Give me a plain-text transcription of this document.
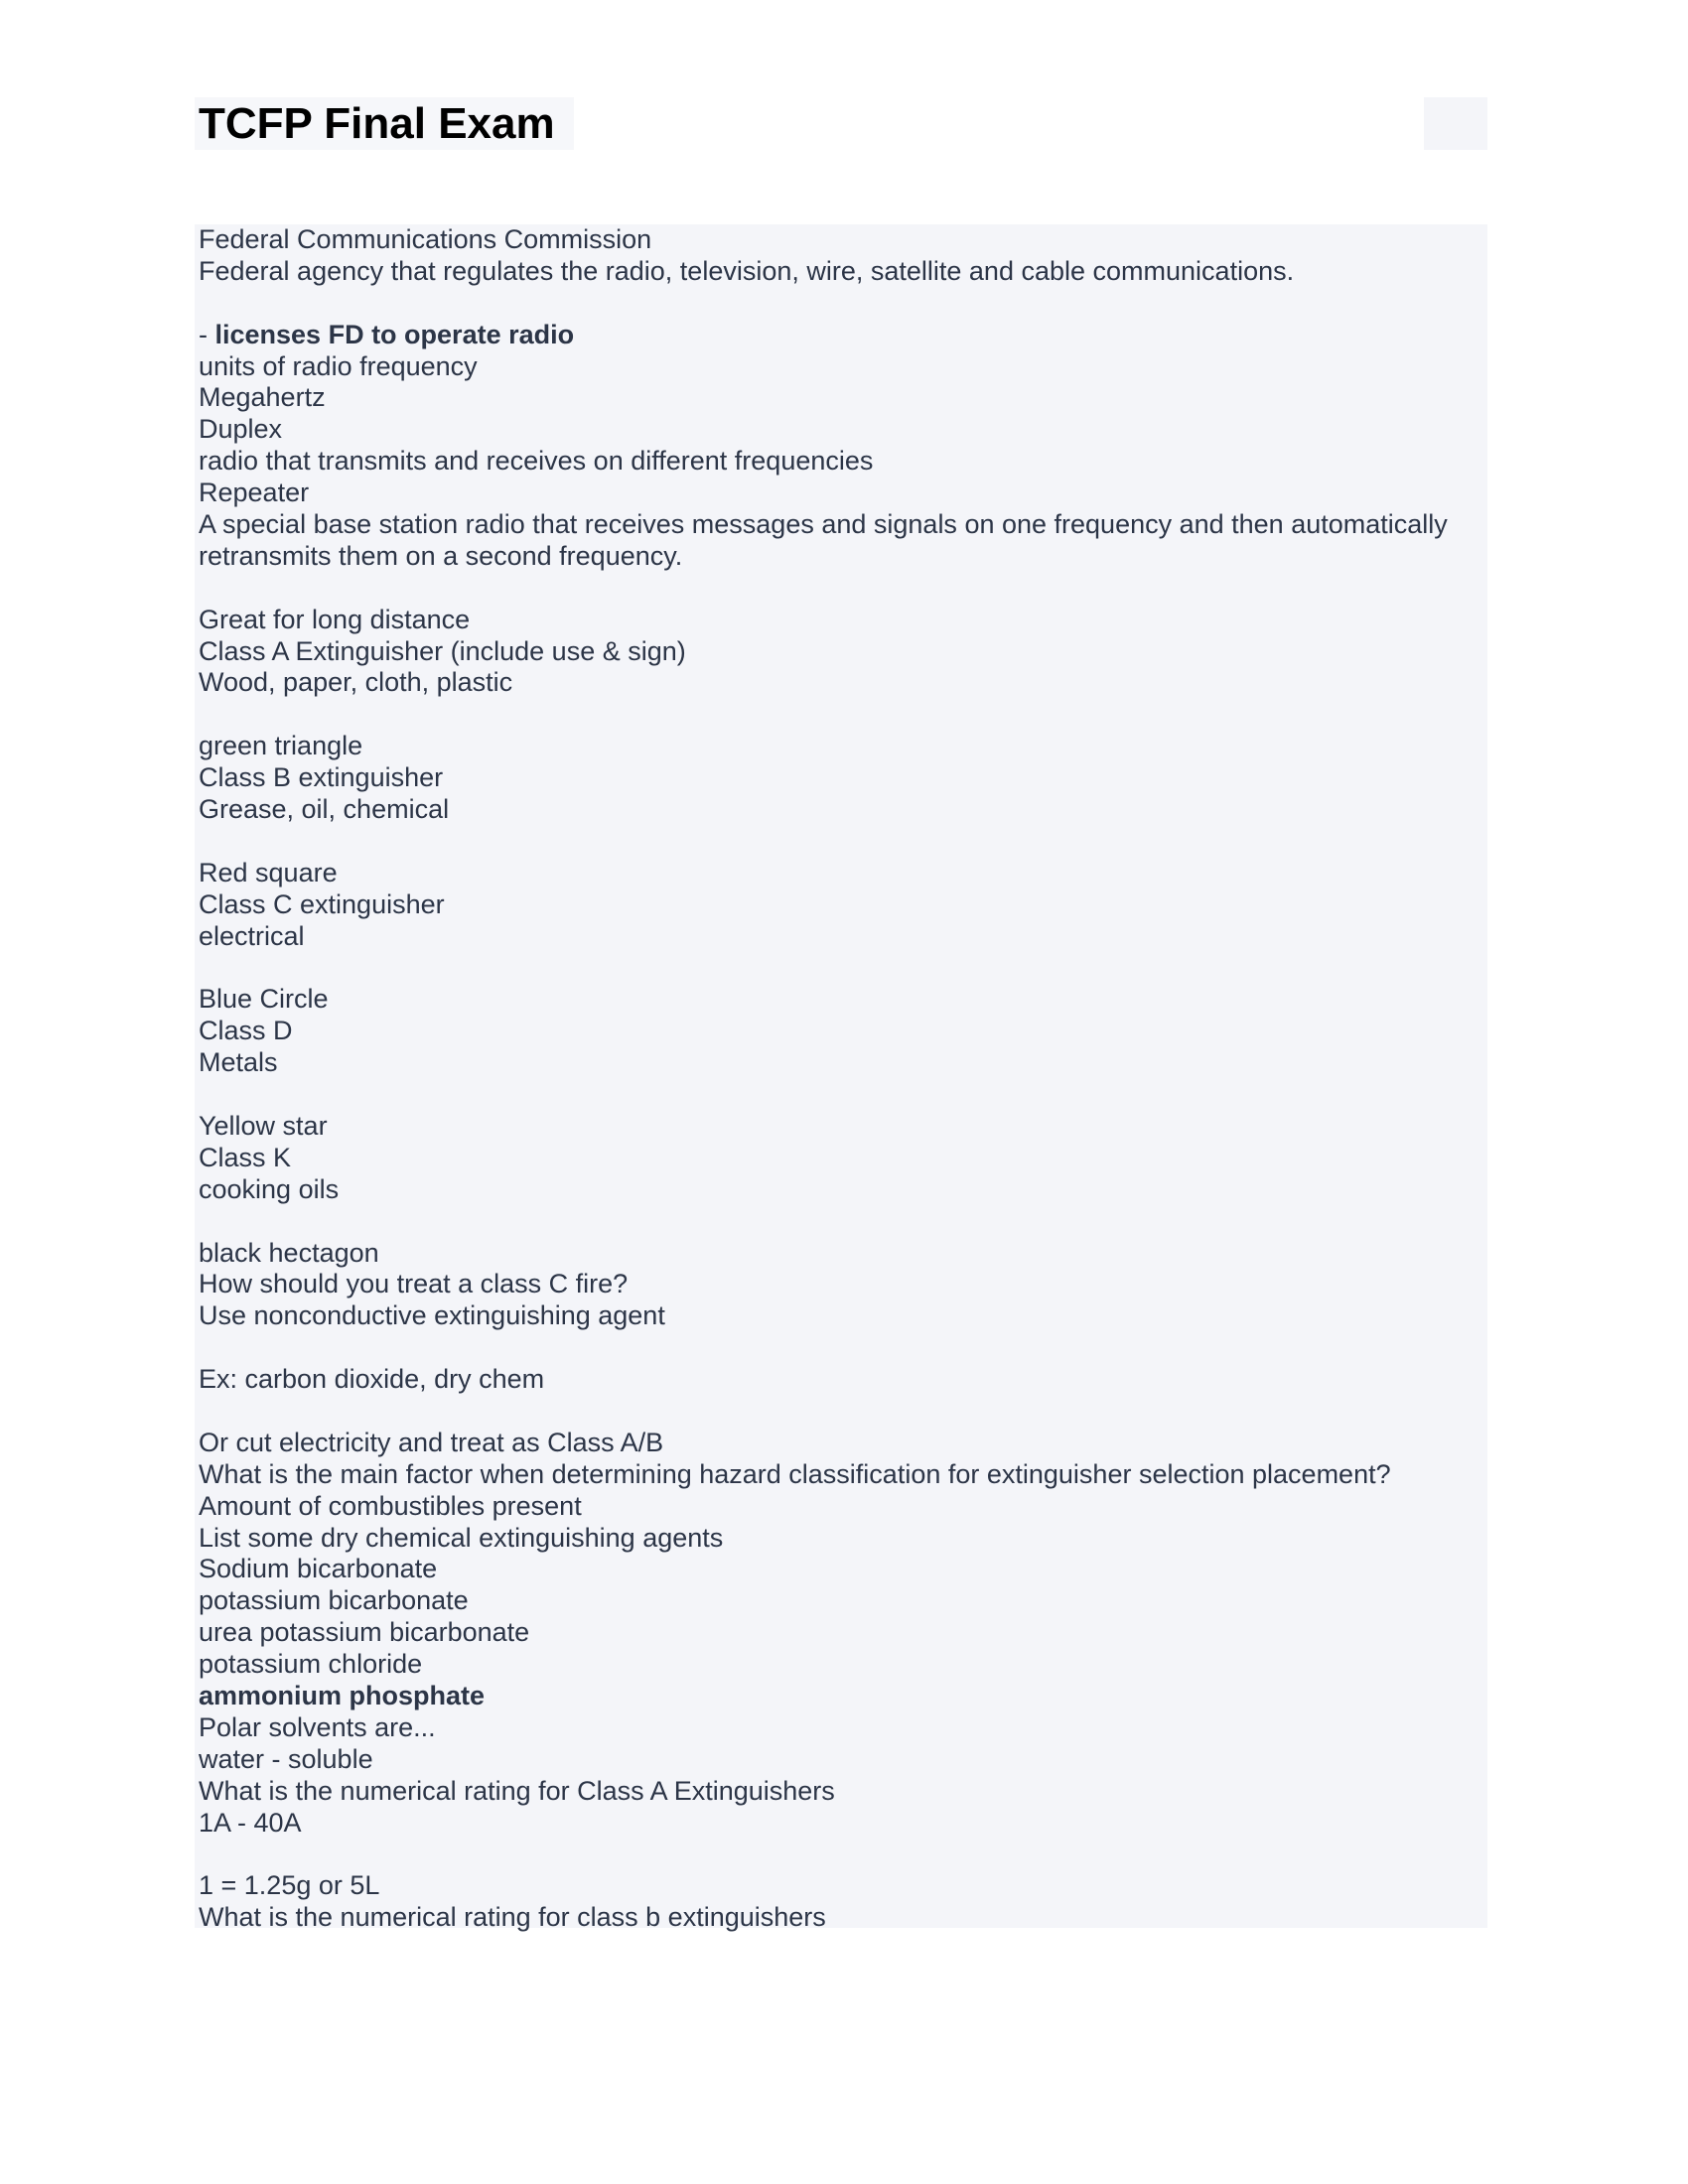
TCFP Final Exam
Federal Communications Commission
Federal agency that regulates the radio, television, wire, satellite and cable communications.
- licenses FD to operate radio
units of radio frequency
Megahertz
Duplex
radio that transmits and receives on different frequencies
Repeater
A special base station radio that receives messages and signals on one frequency and then automatically
retransmits them on a second frequency.
Great for long distance
Class A Extinguisher (include use & sign)
Wood, paper, cloth, plastic
green triangle
Class B extinguisher
Grease, oil, chemical
Red square
Class C extinguisher
electrical
Blue Circle
Class D
Metals
Yellow star
Class K
cooking oils
black hectagon
How should you treat a class C fire?
Use nonconductive extinguishing agent
Ex: carbon dioxide, dry chem
Or cut electricity and treat as Class A/B
What is the main factor when determining hazard classification for extinguisher selection placement?
Amount of combustibles present
List some dry chemical extinguishing agents
Sodium bicarbonate
potassium bicarbonate
urea potassium bicarbonate
potassium chloride
ammonium phosphate
Polar solvents are...
water - soluble
What is the numerical rating for Class A Extinguishers
1A - 40A
1 = 1.25g or 5L
What is the numerical rating for class b extinguishers
